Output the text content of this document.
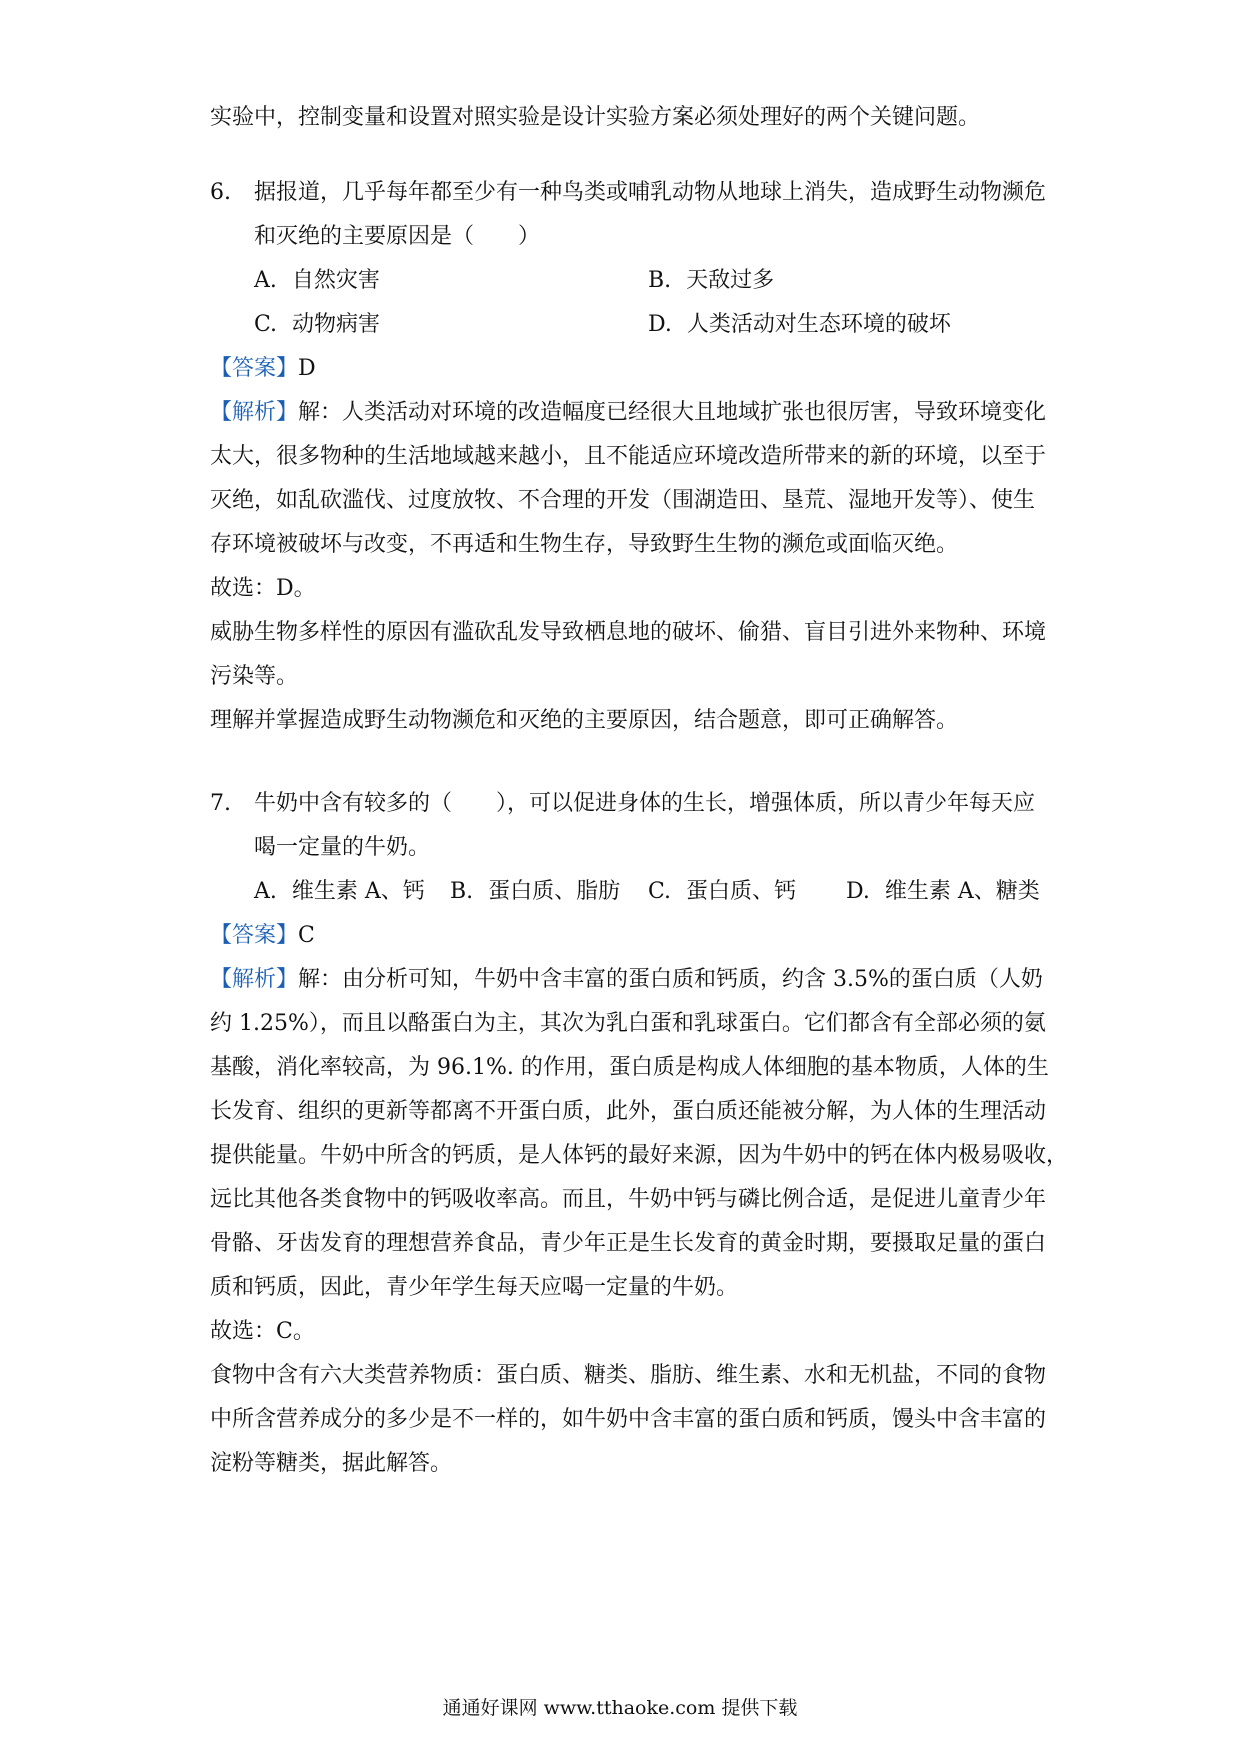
实验中，控制变量和设置对照实验是设计实验方案必须处理好的两个关键问题。
6. 据报道，几乎每年都至少有一种鸟类或哺乳动物从地球上消失，造成野生动物濒危
和灭绝的主要原因是（　　）
A. 自然灾害	B. 天敌过多
C. 动物病害	D. 人类活动对生态环境的破坏
【答案】D
【解析】解：人类活动对环境的改造幅度已经很大且地域扩张也很厉害，导致环境变化
太大，很多物种的生活地域越来越小，且不能适应环境改造所带来的新的环境，以至于
灭绝，如乱砍滥伐、过度放牧、不合理的开发（围湖造田、垦荒、湿地开发等）、使生
存环境被破坏与改变，不再适和生物生存，导致野生生物的濒危或面临灭绝。
故选：D。
威胁生物多样性的原因有滥砍乱发导致栖息地的破坏、偷猎、盲目引进外来物种、环境
污染等。
理解并掌握造成野生动物濒危和灭绝的主要原因，结合题意，即可正确解答。
7. 牛奶中含有较多的（　　），可以促进身体的生长，增强体质，所以青少年每天应
喝一定量的牛奶。
A. 维生素 A、钙 B. 蛋白质、脂肪 C. 蛋白质、钙 D. 维生素 A、糖类
【答案】C
【解析】解：由分析可知，牛奶中含丰富的蛋白质和钙质，约含 3.5%的蛋白质（人奶
约 1.25%），而且以酪蛋白为主，其次为乳白蛋和乳球蛋白。它们都含有全部必须的氨
基酸，消化率较高，为 96.1%. 的作用，蛋白质是构成人体细胞的基本物质，人体的生
长发育、组织的更新等都离不开蛋白质，此外，蛋白质还能被分解，为人体的生理活动
提供能量。牛奶中所含的钙质，是人体钙的最好来源，因为牛奶中的钙在体内极易吸收，
远比其他各类食物中的钙吸收率高。而且，牛奶中钙与磷比例合适，是促进儿童青少年
骨骼、牙齿发育的理想营养食品，青少年正是生长发育的黄金时期，要摄取足量的蛋白
质和钙质，因此，青少年学生每天应喝一定量的牛奶。
故选：C。
食物中含有六大类营养物质：蛋白质、糖类、脂肪、维生素、水和无机盐，不同的食物
中所含营养成分的多少是不一样的，如牛奶中含丰富的蛋白质和钙质，馒头中含丰富的
淀粉等糖类，据此解答。
通通好课网 www.tthaoke.com 提供下载
